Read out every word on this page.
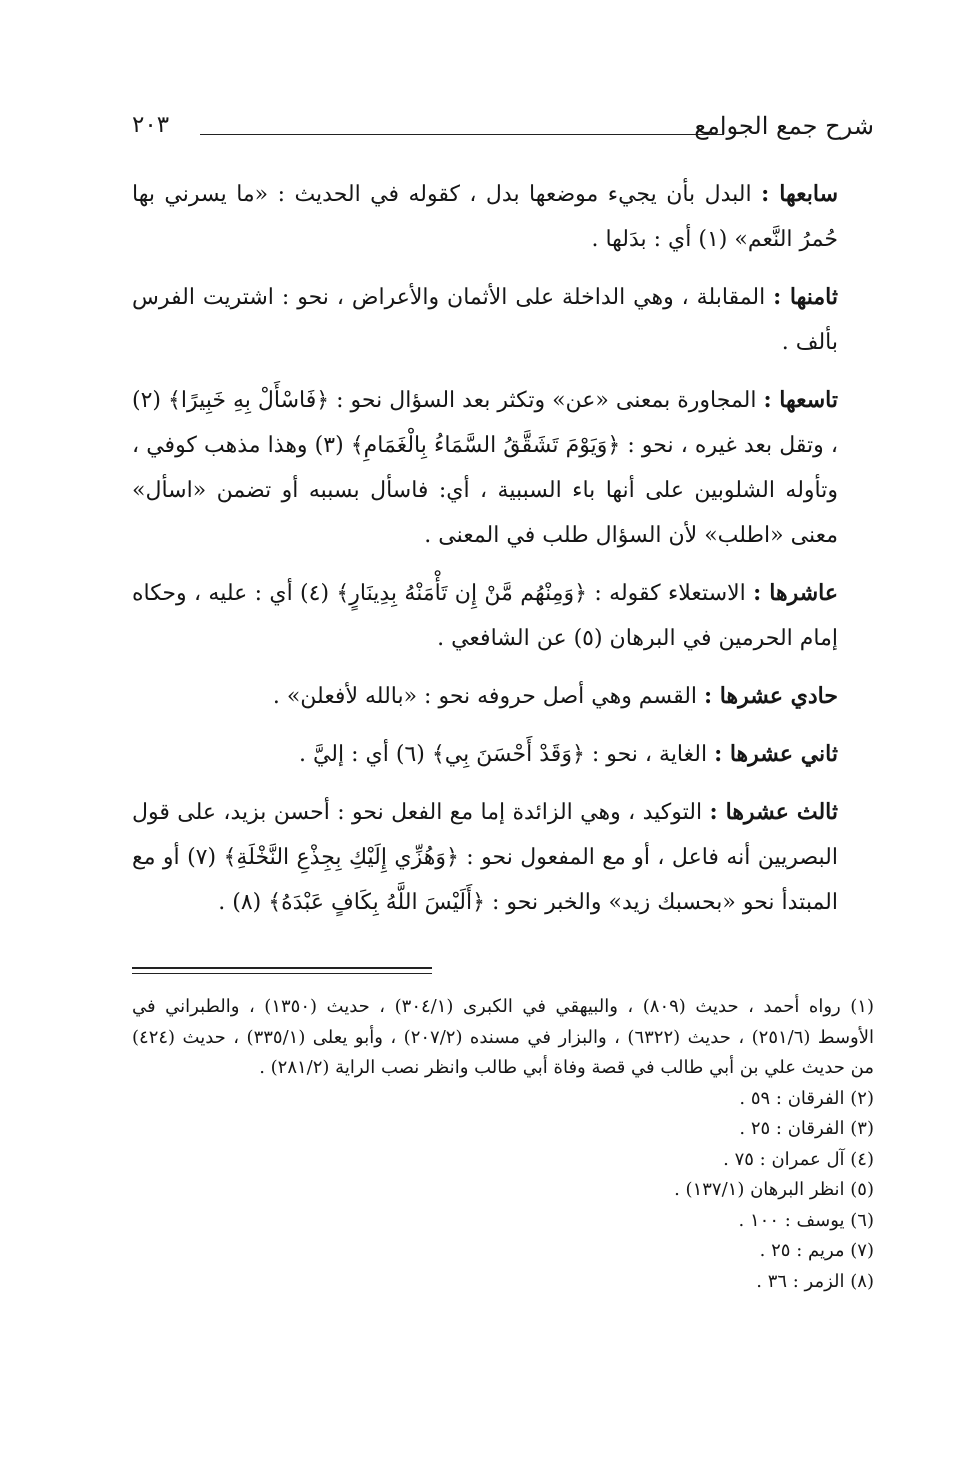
شرح جمع الجوامع
٢٠٣

سابعها : البدل بأن يجيء موضعها بدل ، كقوله في الحديث : «ما يسرني بها حُمرُ النَّعم» (١) أي : بدَلها .

ثامنها : المقابلة ، وهي الداخلة على الأثمان والأعراض ، نحو : اشتريت الفرس بألف .

تاسعها : المجاورة بمعنى «عن» وتكثر بعد السؤال نحو : ﴿فَاسْأَلْ بِهِ خَبِيرًا﴾ (٢) ، وتقل بعد غيره ، نحو : ﴿وَيَوْمَ تَشَقَّقُ السَّمَاءُ بِالْغَمَامِ﴾ (٣) وهذا مذهب كوفي ، وتأوله الشلوبين على أنها باء السببية ، أي: فاسأل بسببه أو تضمن «اسأل» معنى «اطلب» لأن السؤال طلب في المعنى .

عاشرها : الاستعلاء كقوله : ﴿وَمِنْهُم مَّنْ إِن تَأْمَنْهُ بِدِينَارٍ﴾ (٤) أي : عليه ، وحكاه إمام الحرمين في البرهان (٥) عن الشافعي .

حادي عشرها : القسم وهي أصل حروفه نحو : «بالله لأفعلن» .

ثاني عشرها : الغاية ، نحو : ﴿وَقَدْ أَحْسَنَ بِي﴾ (٦) أي : إليَّ .

ثالث عشرها : التوكيد ، وهي الزائدة إما مع الفعل نحو : أحسن بزيد، على قول البصريين أنه فاعل ، أو مع المفعول نحو : ﴿وَهُزِّي إِلَيْكِ بِجِذْعِ النَّخْلَةِ﴾ (٧) أو مع المبتدأ نحو «بحسبك زيد» والخبر نحو : ﴿أَلَيْسَ اللَّهُ بِكَافٍ عَبْدَهُ﴾ (٨) .

(١) رواه أحمد ، حديث (٨٠٩) ، والبيهقي في الكبرى (٣٠٤/١) ، حديث (١٣٥٠) ، والطبراني في الأوسط (٢٥١/٦) ، حديث (٦٣٢٢) ، والبزار في مسنده (٢٠٧/٢) ، وأبو يعلى (٣٣٥/١) ، حديث (٤٢٤) من حديث علي بن أبي طالب في قصة وفاة أبي طالب وانظر نصب الراية (٢٨١/٢) .
(٢) الفرقان : ٥٩ .
(٣) الفرقان : ٢٥ .
(٤) آل عمران : ٧٥ .
(٥) انظر البرهان (١٣٧/١) .
(٦) يوسف : ١٠٠ .
(٧) مريم : ٢٥ .
(٨) الزمر : ٣٦ .
